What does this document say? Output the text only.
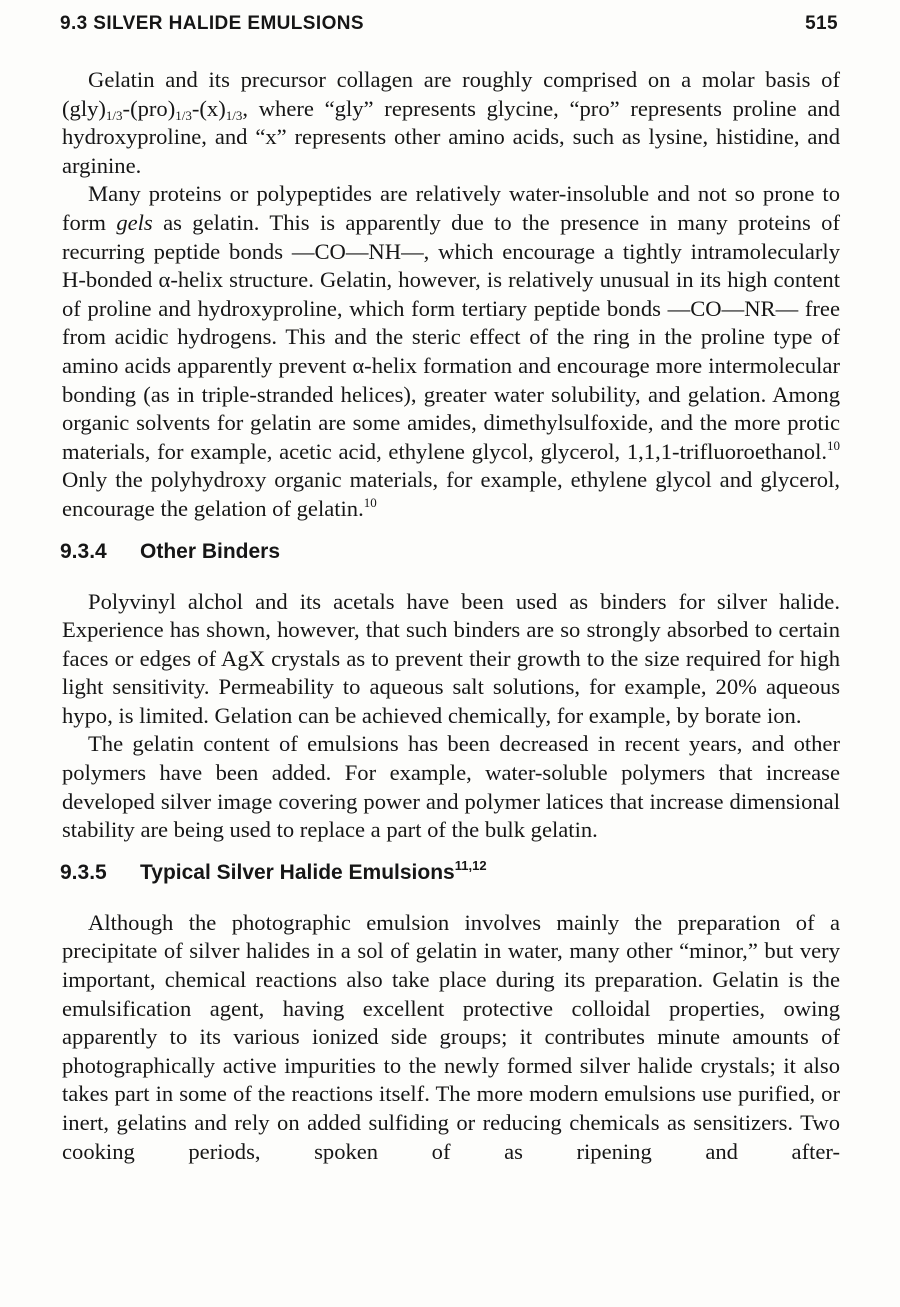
9.3 SILVER HALIDE EMULSIONS	515

Gelatin and its precursor collagen are roughly comprised on a molar basis of $(gly)_{1/3}-(pro)_{1/3}-(x)_{1/3}$, where “gly” represents glycine, “pro” represents proline and hydroxyproline, and “x” represents other amino acids, such as lysine, histidine, and arginine.

Many proteins or polypeptides are relatively water-insoluble and not so prone to form gels as gelatin. This is apparently due to the presence in many proteins of recurring peptide bonds —CO—NH—, which encourage a tightly intramolecularly H-bonded α-helix structure. Gelatin, however, is relatively unusual in its high content of proline and hydroxyproline, which form tertiary peptide bonds —CO—NR— free from acidic hydrogens. This and the steric effect of the ring in the proline type of amino acids apparently prevent α-helix formation and encourage more intermolecular bonding (as in triple-stranded helices), greater water solubility, and gelation. Among organic solvents for gelatin are some amides, dimethylsulfoxide, and the more protic materials, for example, acetic acid, ethylene glycol, glycerol, 1,1,1-trifluoroethanol.$^{10}$ Only the polyhydroxy organic materials, for example, ethylene glycol and glycerol, encourage the gelation of gelatin.$^{10}$

9.3.4 Other Binders

Polyvinyl alchol and its acetals have been used as binders for silver halide. Experience has shown, however, that such binders are so strongly absorbed to certain faces or edges of AgX crystals as to prevent their growth to the size required for high light sensitivity. Permeability to aqueous salt solutions, for example, 20% aqueous hypo, is limited. Gelation can be achieved chemically, for example, by borate ion.

The gelatin content of emulsions has been decreased in recent years, and other polymers have been added. For example, water-soluble polymers that increase developed silver image covering power and polymer latices that increase dimensional stability are being used to replace a part of the bulk gelatin.

9.3.5 Typical Silver Halide Emulsions$^{11,12}$

Although the photographic emulsion involves mainly the preparation of a precipitate of silver halides in a sol of gelatin in water, many other “minor,” but very important, chemical reactions also take place during its preparation. Gelatin is the emulsification agent, having excellent protective colloidal properties, owing apparently to its various ionized side groups; it contributes minute amounts of photographically active impurities to the newly formed silver halide crystals; it also takes part in some of the reactions itself. The more modern emulsions use purified, or inert, gelatins and rely on added sulfiding or reducing chemicals as sensitizers. Two cooking periods, spoken of as ripening and after-
